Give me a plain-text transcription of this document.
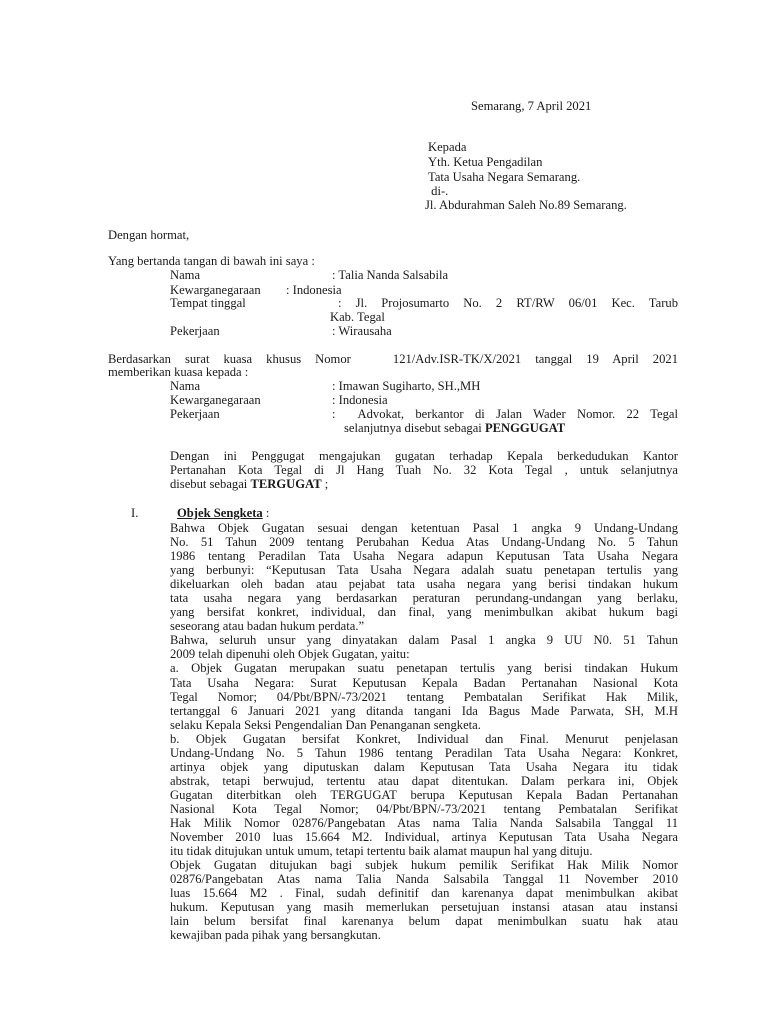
Semarang, 7 April 2021
Kepada
Yth. Ketua Pengadilan
Tata Usaha Negara Semarang.
di-.
Jl. Abdurahman Saleh No.89 Semarang.
Dengan hormat,
Yang bertanda tangan di bawah ini saya :
Nama	: Talia Nanda Salsabila
Kewarganegaraan : Indonesia
Tempat tinggal	: Jl. Projosumarto No. 2 RT/RW 06/01 Kec. Tarub
Kab. Tegal
Pekerjaan	: Wirausaha
Berdasarkan surat kuasa khusus Nomor   121/Adv.ISR-TK/X/2021 tanggal 19 April 2021
memberikan kuasa kepada :
Nama	: Imawan Sugiharto, SH.,MH
Kewarganegaraan	: Indonesia
Pekerjaan	:  Advokat, berkantor di Jalan Wader Nomor. 22 Tegal
selanjutnya disebut sebagai PENGGUGAT
Dengan ini Penggugat mengajukan gugatan terhadap Kepala berkedudukan Kantor
Pertanahan Kota Tegal di Jl Hang Tuah No. 32 Kota Tegal , untuk selanjutnya
disebut sebagai TERGUGAT ;
I.	Objek Sengketa :
Bahwa Objek Gugatan sesuai dengan ketentuan Pasal 1 angka 9 Undang-Undang
No. 51 Tahun 2009 tentang Perubahan Kedua Atas Undang-Undang No. 5 Tahun
1986 tentang Peradilan Tata Usaha Negara adapun Keputusan Tata Usaha Negara
yang berbunyi: “Keputusan Tata Usaha Negara adalah suatu penetapan tertulis yang
dikeluarkan oleh badan atau pejabat tata usaha negara yang berisi tindakan hukum
tata usaha negara yang berdasarkan peraturan perundang-undangan yang berlaku,
yang bersifat konkret, individual, dan final, yang menimbulkan akibat hukum bagi
seseorang atau badan hukum perdata.”
Bahwa, seluruh unsur yang dinyatakan dalam Pasal 1 angka 9 UU N0. 51 Tahun
2009 telah dipenuhi oleh Objek Gugatan, yaitu:
a. Objek Gugatan merupakan suatu penetapan tertulis yang berisi tindakan Hukum
Tata Usaha Negara: Surat Keputusan Kepala Badan Pertanahan Nasional Kota
Tegal Nomor; 04/Pbt/BPN/-73/2021 tentang Pembatalan Serifikat Hak Milik,
tertanggal 6 Januari 2021 yang ditanda tangani Ida Bagus Made Parwata, SH, M.H
selaku Kepala Seksi Pengendalian Dan Penanganan sengketa.
b. Objek Gugatan bersifat Konkret, Individual dan Final. Menurut penjelasan
Undang-Undang No. 5 Tahun 1986 tentang Peradilan Tata Usaha Negara: Konkret,
artinya objek yang diputuskan dalam Keputusan Tata Usaha Negara itu tidak
abstrak, tetapi berwujud, tertentu atau dapat ditentukan. Dalam perkara ini, Objek
Gugatan diterbitkan oleh TERGUGAT berupa Keputusan Kepala Badan Pertanahan
Nasional Kota Tegal Nomor; 04/Pbt/BPN/-73/2021 tentang Pembatalan Serifikat
Hak Milik Nomor 02876/Pangebatan Atas nama Talia Nanda Salsabila Tanggal 11
November 2010 luas 15.664 M2. Individual, artinya Keputusan Tata Usaha Negara
itu tidak ditujukan untuk umum, tetapi tertentu baik alamat maupun hal yang dituju.
Objek Gugatan ditujukan bagi subjek hukum pemilik Serifikat Hak Milik Nomor
02876/Pangebatan Atas nama Talia Nanda Salsabila Tanggal 11 November 2010
luas 15.664 M2 . Final, sudah definitif dan karenanya dapat menimbulkan akibat
hukum. Keputusan yang masih memerlukan persetujuan instansi atasan atau instansi
lain belum bersifat final karenanya belum dapat menimbulkan suatu hak atau
kewajiban pada pihak yang bersangkutan.
